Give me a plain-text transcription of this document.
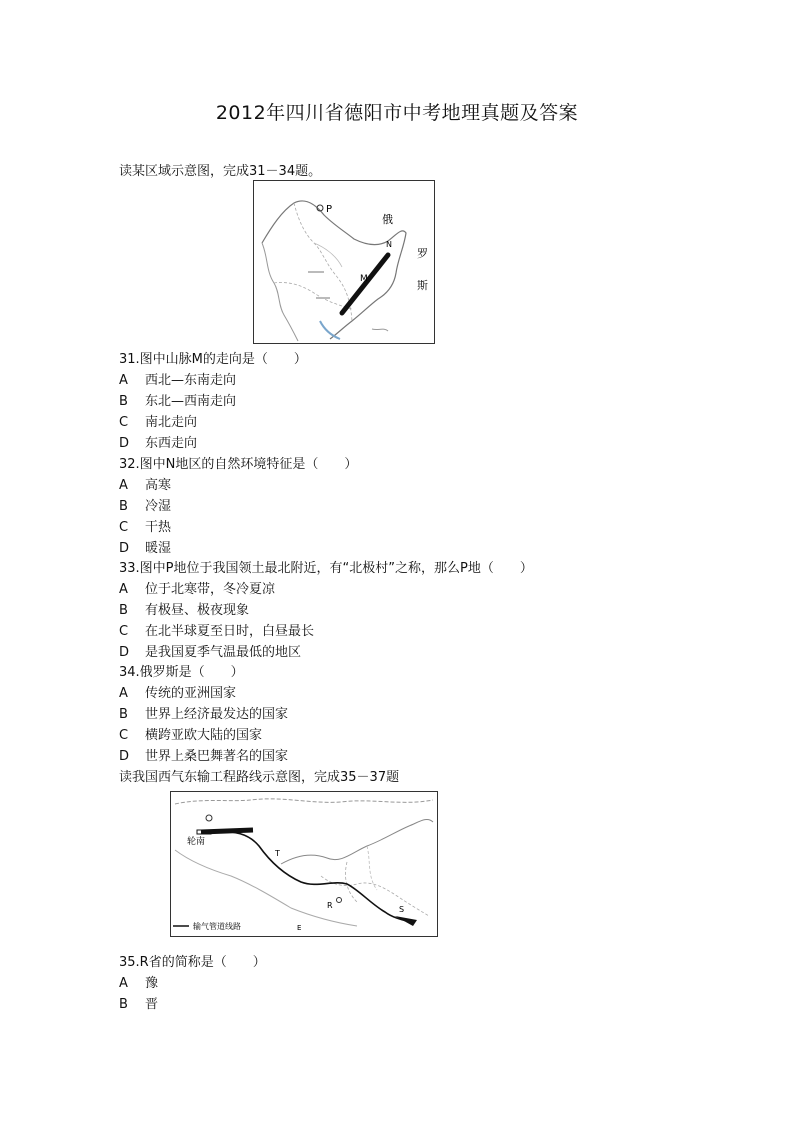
2012年四川省德阳市中考地理真题及答案
读某区域示意图，完成31－34题。
P
俄
罗
斯
M
N
31.图中山脉M的走向是（　　）
A 西北—东南走向
B 东北—西南走向
C 南北走向
D 东西走向
32.图中N地区的自然环境特征是（　　）
A 高寒
B 冷湿
C 干热
D 暖湿
33.图中P地位于我国领土最北附近，有“北极村”之称，那么P地（　　）
A 位于北寒带，冬冷夏凉
B 有极昼、极夜现象
C 在北半球夏至日时，白昼最长
D 是我国夏季气温最低的地区
34.俄罗斯是（　　）
A 传统的亚洲国家
B 世界上经济最发达的国家
C 横跨亚欧大陆的国家
D 世界上桑巴舞著名的国家
读我国西气东输工程路线示意图，完成35－37题
轮南
T
R	S
E
输气管道线路
35.R省的简称是（　　）
A 豫
B 晋
